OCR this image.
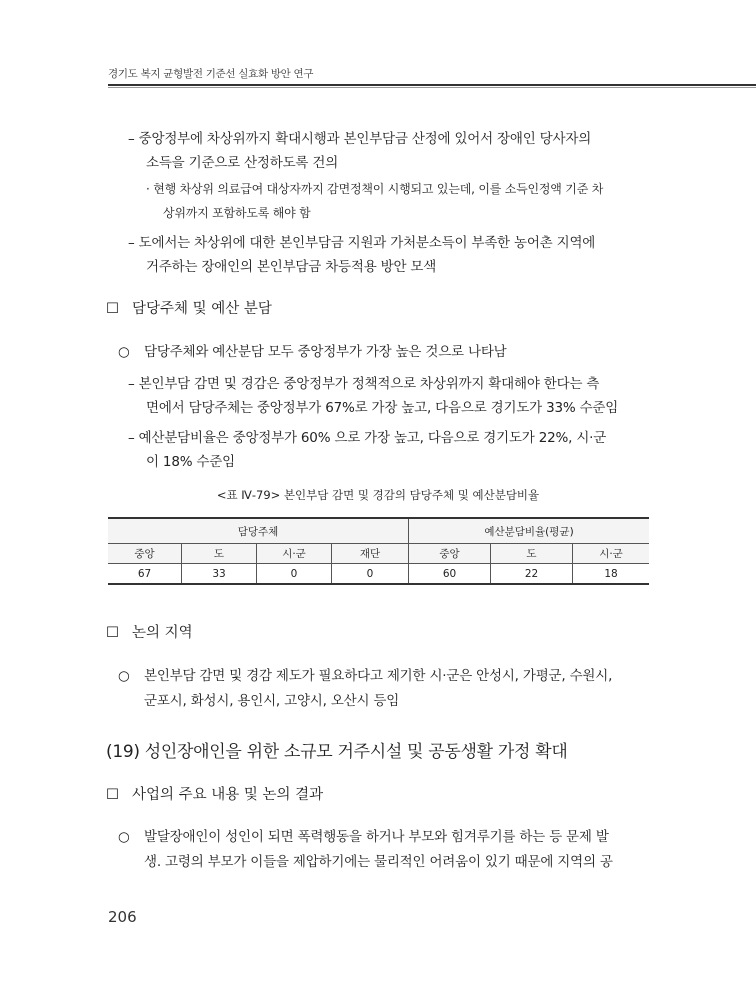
경기도 복지 균형발전 기준선 실효화 방안 연구
– 중앙정부에 차상위까지 확대시행과 본인부담금 산정에 있어서 장애인 당사자의
소득을 기준으로 산정하도록 건의
· 현행 차상위 의료급여 대상자까지 감면정책이 시행되고 있는데, 이를 소득인정액 기준 차
상위까지 포함하도록 해야 함
– 도에서는 차상위에 대한 본인부담금 지원과 가처분소득이 부족한 농어촌 지역에
거주하는 장애인의 본인부담금 차등적용 방안 모색
☐ 담당주체 및 예산 분담
○ 담당주체와 예산분담 모두 중앙정부가 가장 높은 것으로 나타남
– 본인부담 감면 및 경감은 중앙정부가 정책적으로 차상위까지 확대해야 한다는 측
면에서 담당주체는 중앙정부가 67%로 가장 높고, 다음으로 경기도가 33% 수준임
– 예산분담비율은 중앙정부가 60% 으로 가장 높고, 다음으로 경기도가 22%, 시·군
이 18% 수준임
<표 Ⅳ-79> 본인부담 감면 및 경감의 담당주체 및 예산분담비율
담당주체				예산분담비율(평균)		
중앙	도	시·군	재단	중앙	도	시·군
67	33	0	0	60	22	18
☐ 논의 지역
○ 본인부담 감면 및 경감 제도가 필요하다고 제기한 시·군은 안성시, 가평군, 수원시,
군포시, 화성시, 용인시, 고양시, 오산시 등임
(19) 성인장애인을 위한 소규모 거주시설 및 공동생활 가정 확대
☐ 사업의 주요 내용 및 논의 결과
○ 발달장애인이 성인이 되면 폭력행동을 하거나 부모와 힘겨루기를 하는 등 문제 발
생. 고령의 부모가 이들을 제압하기에는 물리적인 어려움이 있기 때문에 지역의 공
206
